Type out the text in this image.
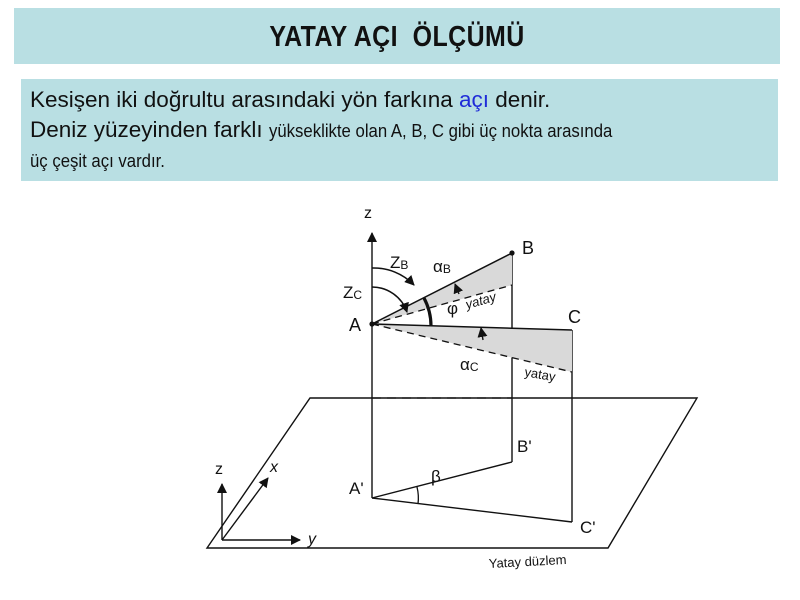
YATAY AÇI  ÖLÇÜMÜ
Kesişen iki doğrultu arasındaki yön farkına açı denir.
Deniz yüzeyinden farklı yükseklikte olan A, B, C gibi üç nokta arasında
üç çeşit açı vardır.
z
B
C
A
B'
A'
C'
ZB
ZC
αB
αC
φ yatay
yatay
β
Yatay düzlem
z	x
y
